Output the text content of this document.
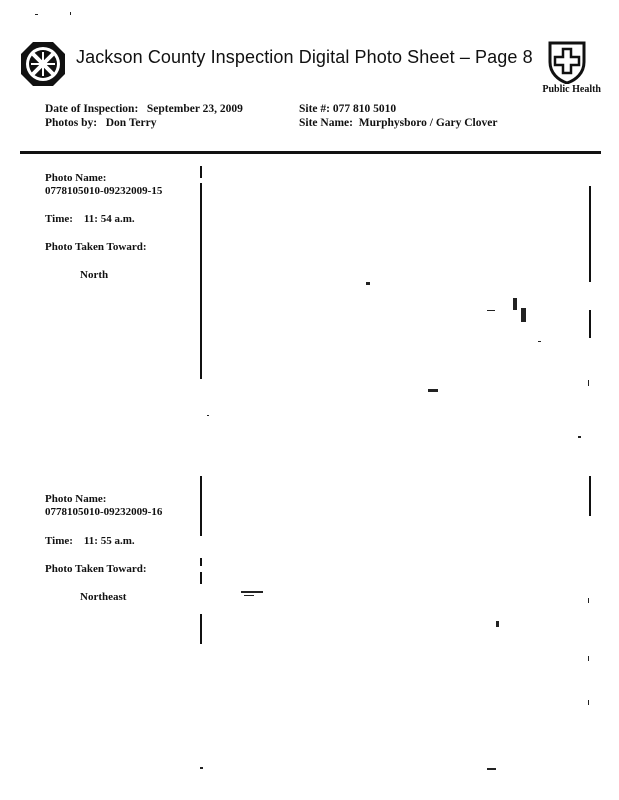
Jackson County Inspection Digital Photo Sheet – Page 8
Public Health
Date of Inspection: September 23, 2009
Photos by: Don Terry
Site #: 077 810 5010
Site Name: Murphysboro / Gary Clover
Photo Name:
0778105010-09232009-15
Time: 11: 54 a.m.
Photo Taken Toward:
North
Photo Name:
0778105010-09232009-16
Time: 11: 55 a.m.
Photo Taken Toward:
Northeast
